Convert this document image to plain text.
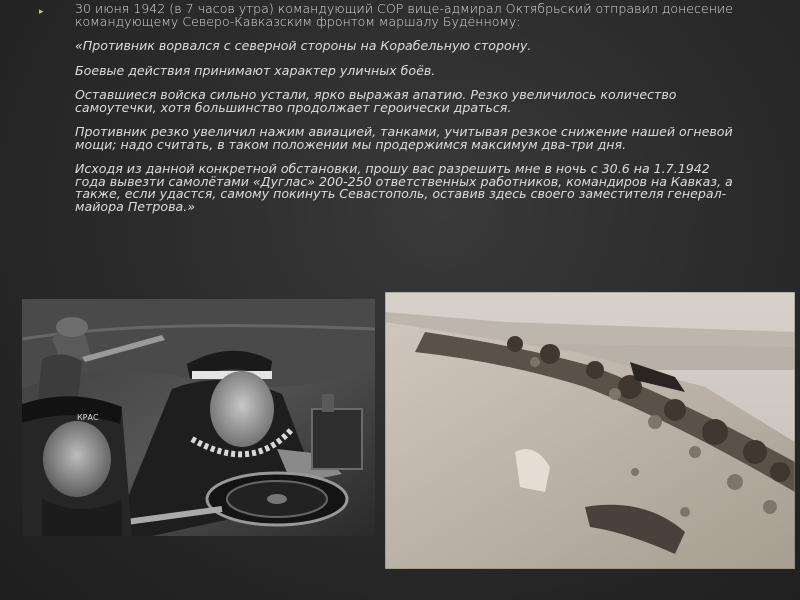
▸	30 июня 1942 (в 7 часов утра) командующий СОР вице-адмирал Октябрьский отправил донесение командующему Северо-Кавказским фронтом маршалу Будённому:

«Противник ворвался с северной стороны на Корабельную сторону.

Боевые действия принимают характер уличных боёв.

Оставшиеся войска сильно устали, ярко выражая апатию. Резко увеличилось количество самоутечки, хотя большинство продолжает героически драться.

Противник резко увеличил нажим авиацией, танками, учитывая резкое снижение нашей огневой мощи; надо считать, в таком положении мы продержимся максимум два-три дня.

Исходя из данной конкретной обстановки, прошу вас разрешить мне в ночь с 30.6 на 1.7.1942 года вывезти самолётами «Дуглас» 200-250 ответственных работников, командиров на Кавказ, а также, если удастся, самому покинуть Севастополь, оставив здесь своего заместителя генерал-майора Петрова.»

КРАС
